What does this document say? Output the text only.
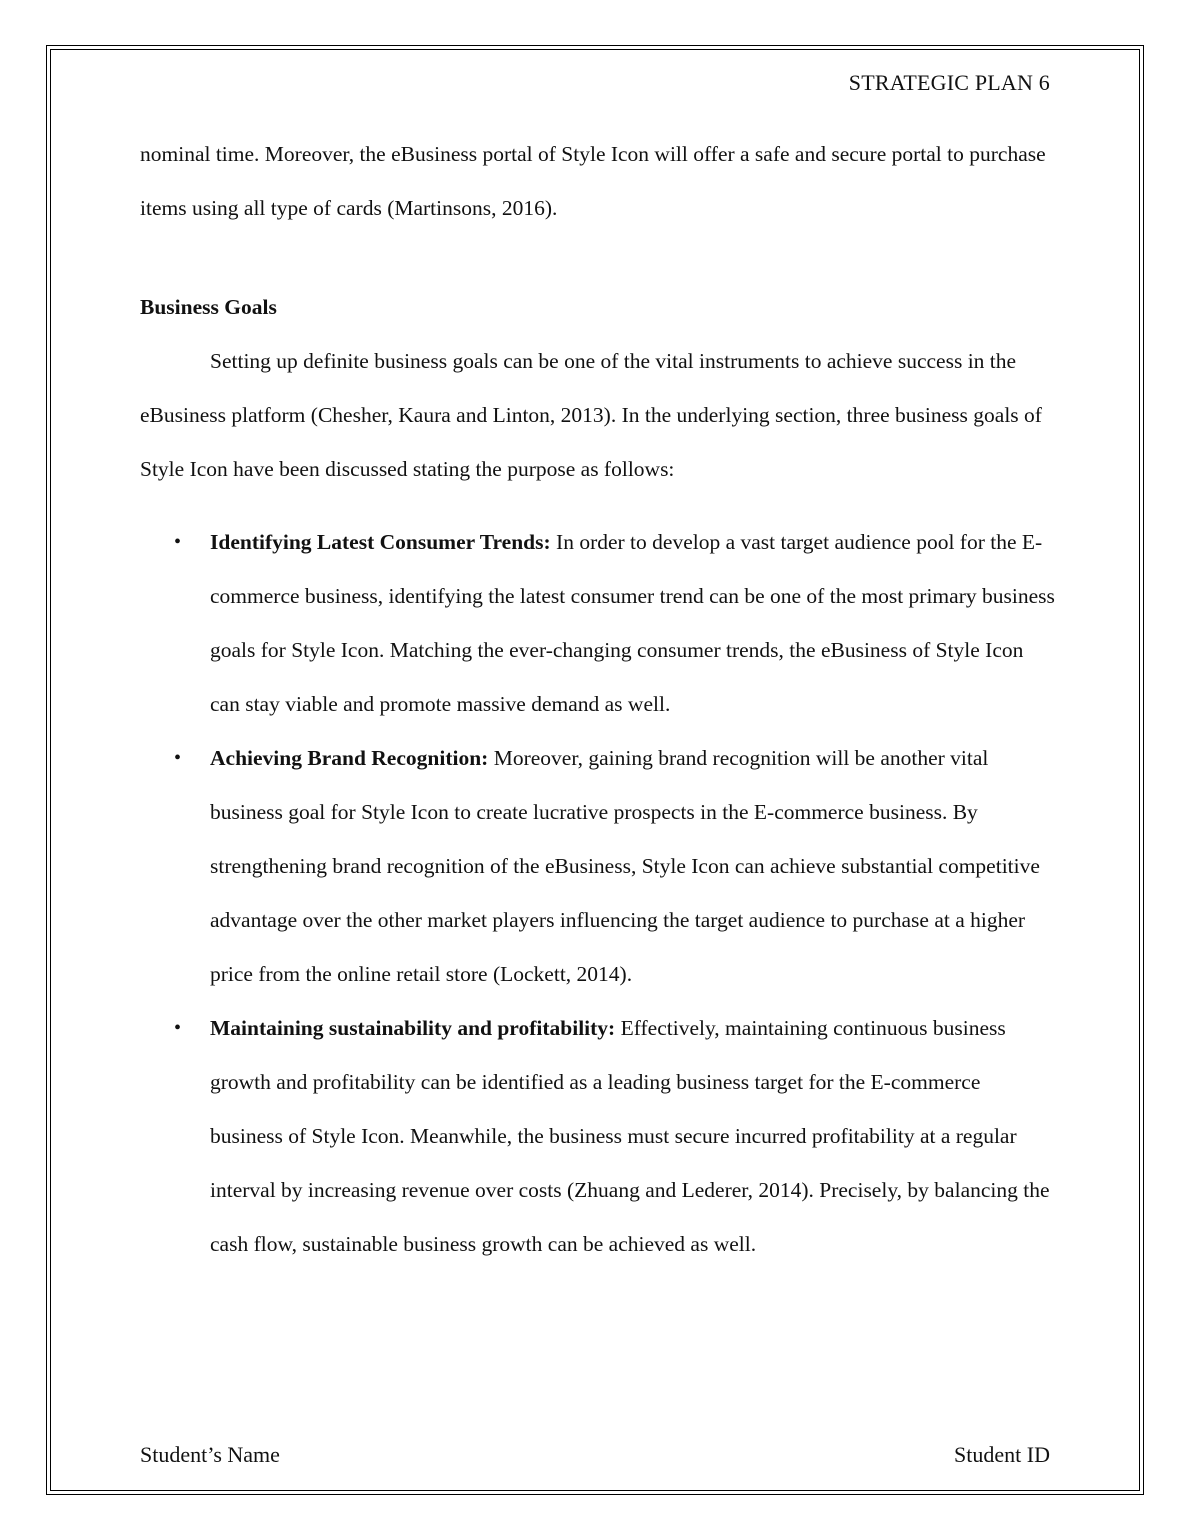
STRATEGIC PLAN 6

nominal time. Moreover, the eBusiness portal of Style Icon will offer a safe and secure portal to purchase items using all type of cards (Martinsons, 2016).

Business Goals

Setting up definite business goals can be one of the vital instruments to achieve success in the eBusiness platform (Chesher, Kaura and Linton, 2013). In the underlying section, three business goals of Style Icon have been discussed stating the purpose as follows:

• Identifying Latest Consumer Trends: In order to develop a vast target audience pool for the E-commerce business, identifying the latest consumer trend can be one of the most primary business goals for Style Icon. Matching the ever-changing consumer trends, the eBusiness of Style Icon can stay viable and promote massive demand as well.
• Achieving Brand Recognition: Moreover, gaining brand recognition will be another vital business goal for Style Icon to create lucrative prospects in the E-commerce business. By strengthening brand recognition of the eBusiness, Style Icon can achieve substantial competitive advantage over the other market players influencing the target audience to purchase at a higher price from the online retail store (Lockett, 2014).
• Maintaining sustainability and profitability: Effectively, maintaining continuous business growth and profitability can be identified as a leading business target for the E-commerce business of Style Icon. Meanwhile, the business must secure incurred profitability at a regular interval by increasing revenue over costs (Zhuang and Lederer, 2014). Precisely, by balancing the cash flow, sustainable business growth can be achieved as well.
Student’s Name	Student ID
